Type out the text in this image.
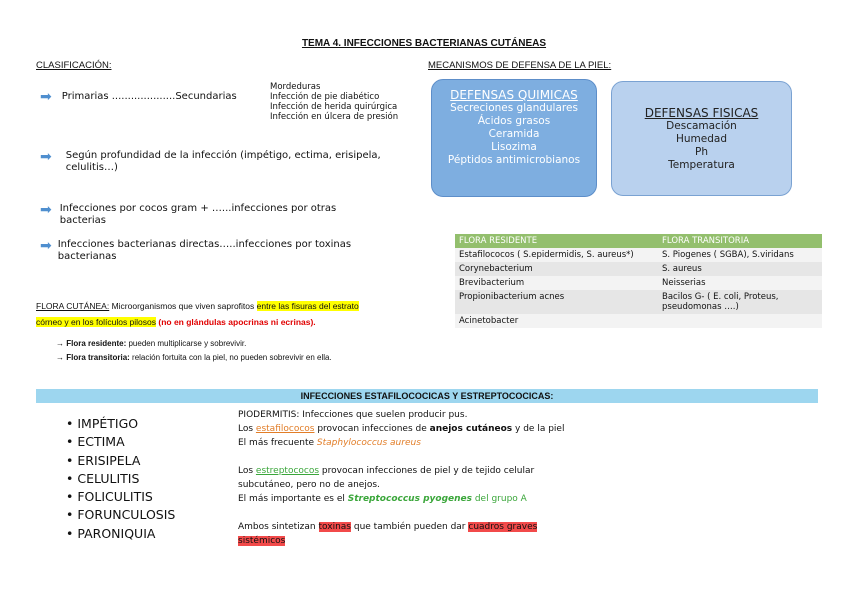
TEMA 4. INFECCIONES BACTERIANAS CUTÁNEAS
CLASIFICACIÓN:
➡ Primarias ....................Secundarias
Mordeduras
Infección de pie diabético
Infección de herida quirúrgica
Infección en úlcera de presión
➡ Según profundidad de la infección (impétigo, ectima, erisipela, celulitis…)
➡ Infecciones por cocos gram + …...infecciones por otras bacterias
➡ Infecciones bacterianas directas…..infecciones por toxinas bacterianas
MECANISMOS DE DEFENSA DE LA PIEL:
DEFENSAS QUIMICAS
Secreciones glandulares
Ácidos grasos
Ceramida
Lisozima
Péptidos antimicrobianos
DEFENSAS FISICAS
Descamación
Humedad
Ph
Temperatura
FLORA RESIDENTE	FLORA TRANSITORIA
Estafilococos ( S.epidermidis, S. aureus*)	S. Piogenes ( SGBA), S.viridans
Corynebacterium	S. aureus
Brevibacterium	Neisserias
Propionibacterium acnes	Bacilos G- ( E. coli, Proteus, pseudomonas ….)
Acinetobacter	
FLORA CUTÁNEA: Microorganismos que viven saprofitos entre las fisuras del estrato
córneo y en los folículos pilosos (no en glándulas apocrinas ni ecrinas).
→ Flora residente: pueden multiplicarse y sobrevivir.
→ Flora transitoria: relación fortuita con la piel, no pueden sobrevivir en ella.
INFECCIONES ESTAFILOCOCICAS Y ESTREPTOCOCICAS:
• IMPÉTIGO
• ECTIMA
• ERISIPELA
• CELULITIS
• FOLICULITIS
• FORUNCULOSIS
• PARONIQUIA
PIODERMITIS: Infecciones que suelen producir pus.
Los estafilococos provocan infecciones de anejos cutáneos y de la piel
El más frecuente Staphylococcus aureus
Los estreptococos provocan infecciones de piel y de tejido celular
subcutáneo, pero no de anejos.
El más importante es el Streptococcus pyogenes del grupo A
Ambos sintetizan toxinas que también pueden dar cuadros graves
sistémicos
